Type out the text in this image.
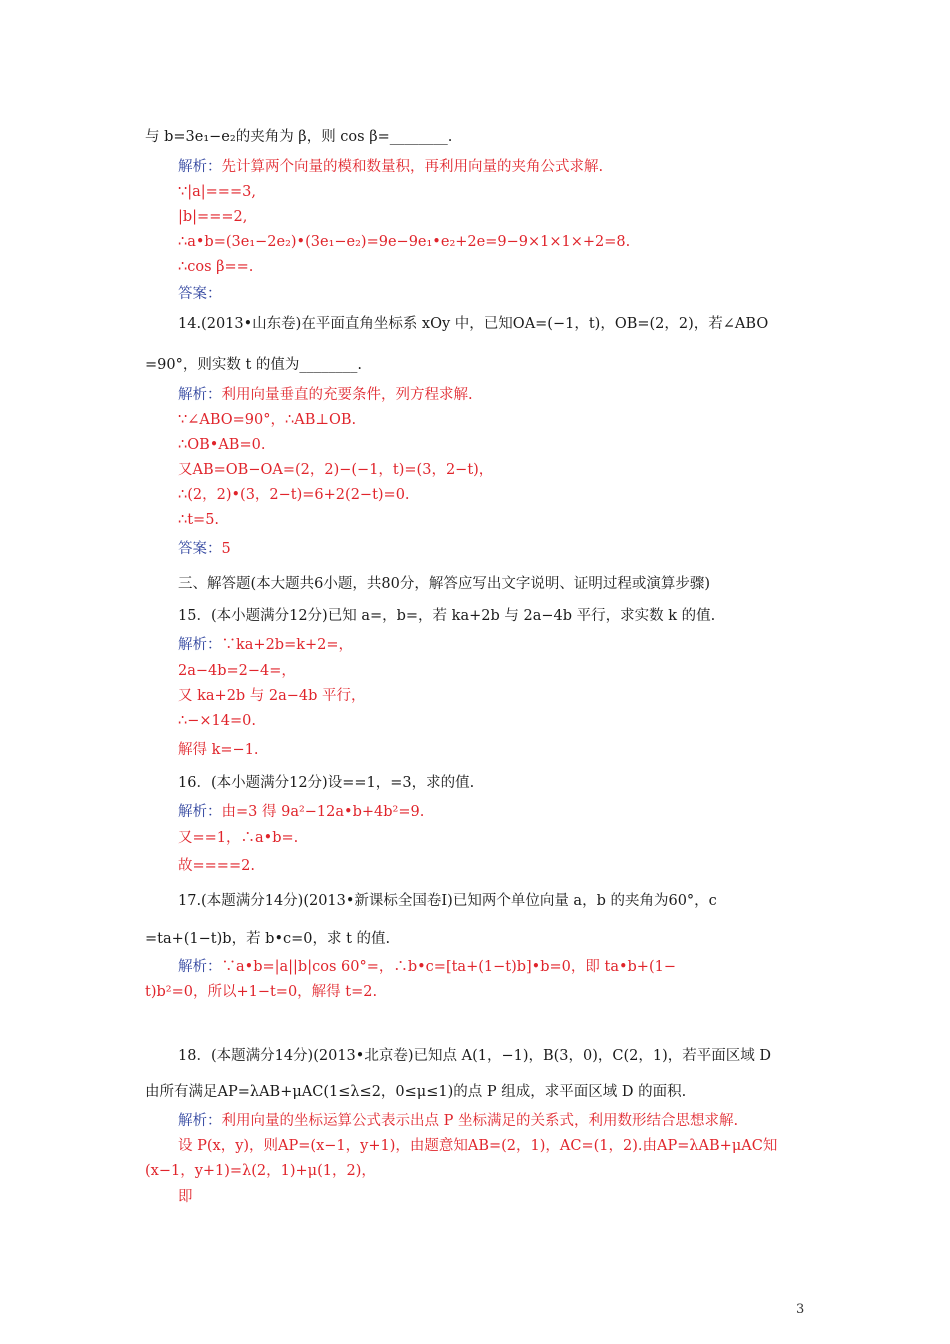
与 b=3e₁−e₂的夹角为 β，则 cos β=________.
解析：先计算两个向量的模和数量积，再利用向量的夹角公式求解.
∵|a|===3,
|b|===2,
∴a•b=(3e₁−2e₂)•(3e₁−e₂)=9e−9e₁•e₂+2e=9−9×1×1×+2=8.
∴cos β==.
答案：
14.(2013•山东卷)在平面直角坐标系 xOy 中，已知OA=(−1，t)，OB=(2，2)，若∠ABO
=90°，则实数 t 的值为________.
解析：利用向量垂直的充要条件，列方程求解.
∵∠ABO=90°，∴AB⊥OB.
∴OB•AB=0.
又AB=OB−OA=(2，2)−(−1，t)=(3，2−t)，
∴(2，2)•(3，2−t)=6+2(2−t)=0.
∴t=5.
答案：5
三、解答题(本大题共6小题，共80分，解答应写出文字说明、证明过程或演算步骤)
15．(本小题满分12分)已知 a=，b=，若 ka+2b 与 2a−4b 平行，求实数 k 的值.
解析：∵ka+2b=k+2=，
2a−4b=2−4=，
又 ka+2b 与 2a−4b 平行，
∴−×14=0.
解得 k=−1.
16．(本小题满分12分)设==1，=3，求的值.
解析：由=3 得 9a²−12a•b+4b²=9.
又==1，∴a•b=.
故====2.
17.(本题满分14分)(2013•新课标全国卷Ⅰ)已知两个单位向量 a，b 的夹角为60°，c
=ta+(1−t)b，若 b•c=0，求 t 的值.
解析：∵a•b=|a||b|cos 60°=，∴b•c=[ta+(1−t)b]•b=0，即 ta•b+(1−
t)b²=0，所以+1−t=0，解得 t=2.
18．(本题满分14分)(2013•北京卷)已知点 A(1，−1)，B(3，0)，C(2，1)，若平面区域 D
由所有满足AP=λAB+μAC(1≤λ≤2，0≤μ≤1)的点 P 组成，求平面区域 D 的面积.
解析：利用向量的坐标运算公式表示出点 P 坐标满足的关系式，利用数形结合思想求解.
设 P(x，y)，则AP=(x−1，y+1)，由题意知AB=(2，1)，AC=(1，2).由AP=λAB+μAC知
(x−1，y+1)=λ(2，1)+μ(1，2)，
即
3
